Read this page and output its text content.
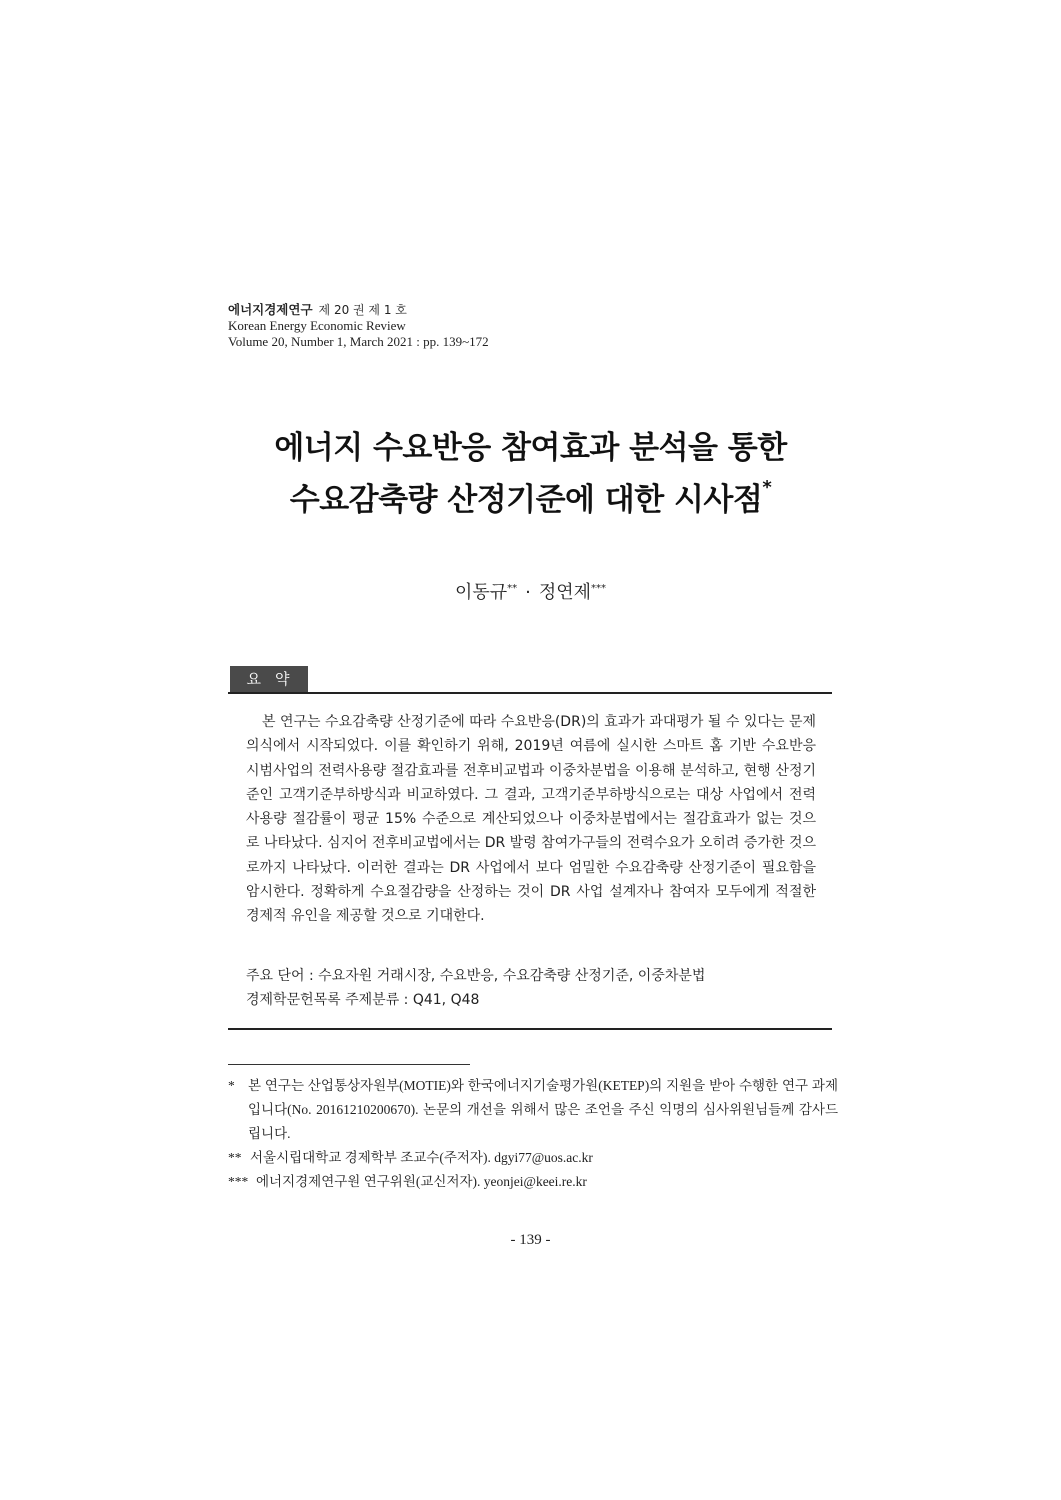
에너지경제연구 제 20 권 제 1 호
Korean Energy Economic Review
Volume 20, Number 1, March 2021 : pp. 139~172
에너지 수요반응 참여효과 분석을 통한
수요감축량 산정기준에 대한 시사점*
이동규** · 정연제***
요약

본 연구는 수요감축량 산정기준에 따라 수요반응(DR)의 효과가 과대평가 될 수 있다는 문제의식에서 시작되었다. 이를 확인하기 위해, 2019년 여름에 실시한 스마트 홈 기반 수요반응 시범사업의 전력사용량 절감효과를 전후비교법과 이중차분법을 이용해 분석하고, 현행 산정기준인 고객기준부하방식과 비교하였다. 그 결과, 고객기준부하방식으로는 대상 사업에서 전력사용량 절감률이 평균 15% 수준으로 계산되었으나 이중차분법에서는 절감효과가 없는 것으로 나타났다. 심지어 전후비교법에서는 DR 발령 참여가구들의 전력수요가 오히려 증가한 것으로까지 나타났다. 이러한 결과는 DR 사업에서 보다 엄밀한 수요감축량 산정기준이 필요함을 암시한다. 정확하게 수요절감량을 산정하는 것이 DR 사업 설계자나 참여자 모두에게 적절한 경제적 유인을 제공할 것으로 기대한다.

주요 단어 : 수요자원 거래시장, 수요반응, 수요감축량 산정기준, 이중차분법
경제학문헌목록 주제분류 : Q41, Q48
* 본 연구는 산업통상자원부(MOTIE)와 한국에너지기술평가원(KETEP)의 지원을 받아 수행한 연구 과제입니다(No. 20161210200670). 논문의 개선을 위해서 많은 조언을 주신 익명의 심사위원님들께 감사드립니다.
** 서울시립대학교 경제학부 조교수(주저자). dgyi77@uos.ac.kr
*** 에너지경제연구원 연구위원(교신저자). yeonjei@keei.re.kr
- 139 -
